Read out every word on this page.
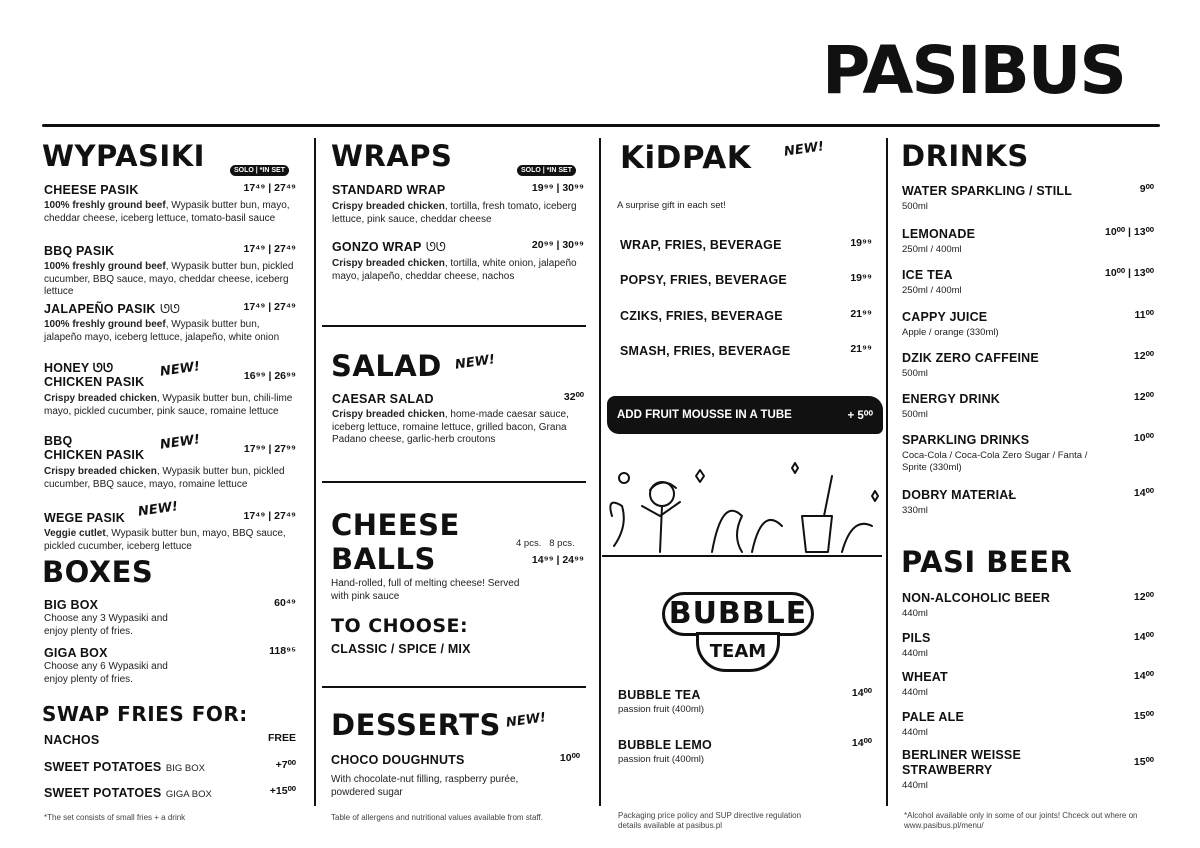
PASIBUS
WYPASIKI	SOLO | *IN SET
CHEESE PASIK	17⁴⁹ | 27⁴⁹
100% freshly ground beef, Wypasik butter bun, mayo, cheddar cheese, iceberg lettuce, tomato-basil sauce
BBQ PASIK	17⁴⁹ | 27⁴⁹
100% freshly ground beef, Wypasik butter bun, pickled cucumber, BBQ sauce, mayo, cheddar cheese, iceberg lettuce
JALAPEÑO PASIK ᘎᘎ	17⁴⁹ | 27⁴⁹
100% freshly ground beef, Wypasik butter bun, jalapeño mayo, iceberg lettuce, jalapeño, white onion
HONEY ᘎᘎ
CHICKEN PASIK
NEW!	16⁹⁹ | 26⁹⁹
Crispy breaded chicken, Wypasik butter bun, chili-lime mayo, pickled cucumber, pink sauce, romaine lettuce
BBQ
CHICKEN PASIK
NEW!	17⁹⁹ | 27⁹⁹
Crispy breaded chicken, Wypasik butter bun, pickled cucumber, BBQ sauce, mayo, romaine lettuce
WEGE PASIK NEW!	17⁴⁹ | 27⁴⁹
Veggie cutlet, Wypasik butter bun, mayo, BBQ sauce, pickled cucumber, iceberg lettuce
BOXES
BIG BOX	60⁴⁹
Choose any 3 Wypasiki and enjoy plenty of fries.
GIGA BOX	118⁹⁵
Choose any 6 Wypasiki and enjoy plenty of fries.
SWAP FRIES FOR:
NACHOS	FREE
SWEET POTATOES BIG BOX	+7⁰⁰
SWEET POTATOES GIGA BOX	+15⁰⁰
*The set consists of small fries + a drink
WRAPS	SOLO | *IN SET
STANDARD WRAP	19⁹⁹ | 30⁹⁹
Crispy breaded chicken, tortilla, fresh tomato, iceberg lettuce, pink sauce, cheddar cheese
GONZO WRAP ᘎᘎ	20⁹⁹ | 30⁹⁹
Crispy breaded chicken, tortilla, white onion, jalapeño mayo, jalapeño, cheddar cheese, nachos
SALAD NEW!
CAESAR SALAD	32⁰⁰
Crispy breaded chicken, home-made caesar sauce, iceberg lettuce, romaine lettuce, grilled bacon, Grana Padano cheese, garlic-herb croutons
CHEESE
BALLS	4 pcs.   8 pcs.
14⁹⁹ | 24⁹⁹
Hand-rolled, full of melting cheese! Served with pink sauce
TO CHOOSE:
CLASSIC / SPICE / MIX
DESSERTS NEW!
CHOCO DOUGHNUTS	10⁰⁰
With chocolate-nut filling, raspberry purée, powdered sugar
Table of allergens and nutritional values available from staff.
KiDPAK NEW!
A surprise gift in each set!
WRAP, FRIES, BEVERAGE	19⁹⁹
POPSY, FRIES, BEVERAGE	19⁹⁹
CZIKS, FRIES, BEVERAGE	21⁹⁹
SMASH, FRIES, BEVERAGE	21⁹⁹
ADD FRUIT MOUSSE IN A TUBE	+ 5⁰⁰
BUBBLE
TEAM
BUBBLE TEA	14⁰⁰
passion fruit (400ml)
BUBBLE LEMO	14⁰⁰
passion fruit (400ml)
Packaging price policy and SUP directive regulation details available at pasibus.pl
DRINKS
WATER SPARKLING / STILL	9⁰⁰
500ml
LEMONADE	10⁰⁰ | 13⁰⁰
250ml / 400ml
ICE TEA	10⁰⁰ | 13⁰⁰
250ml / 400ml
CAPPY JUICE	11⁰⁰
Apple / orange (330ml)
DZIK ZERO CAFFEINE	12⁰⁰
500ml
ENERGY DRINK	12⁰⁰
500ml
SPARKLING DRINKS	10⁰⁰
Coca-Cola / Coca-Cola Zero Sugar / Fanta / Sprite (330ml)
DOBRY MATERIAŁ	14⁰⁰
330ml
PASI BEER
NON-ALCOHOLIC BEER	12⁰⁰
440ml
PILS	14⁰⁰
440ml
WHEAT	14⁰⁰
440ml
PALE ALE	15⁰⁰
440ml
BERLINER WEISSE
STRAWBERRY
15⁰⁰
440ml
*Alcohol available only in some of our joints! Chceck out where on www.pasibus.pl/menu/
